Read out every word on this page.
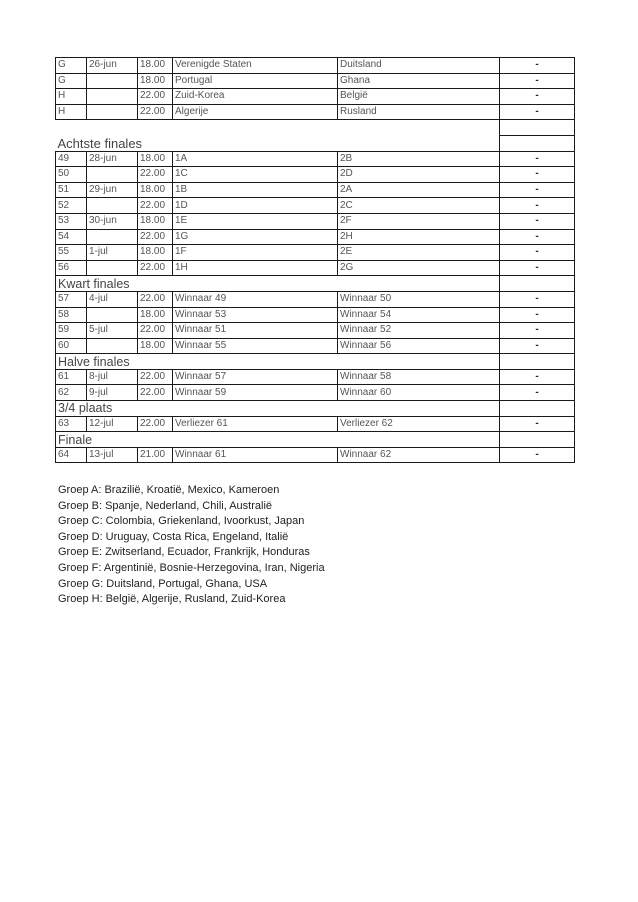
G	26-jun	18.00	Verenigde Staten	Duitsland	-
G		18.00	Portugal	Ghana	-
H		22.00	Zuid-Korea	België	-
H		22.00	Algerije	Rusland	-

Achtste finales					
49	28-jun	18.00	1A	2B	-
50		22.00	1C	2D	-
51	29-jun	18.00	1B	2A	-
52		22.00	1D	2C	-
53	30-jun	18.00	1E	2F	-
54		22.00	1G	2H	-
55	1-jul	18.00	1F	2E	-
56		22.00	1H	2G	-
Kwart finales					
57	4-jul	22.00	Winnaar 49	Winnaar 50	-
58		18.00	Winnaar 53	Winnaar 54	-
59	5-jul	22.00	Winnaar 51	Winnaar 52	-
60		18.00	Winnaar 55	Winnaar 56	-
Halve finales					
61	8-jul	22.00	Winnaar 57	Winnaar 58	-
62	9-jul	22.00	Winnaar 59	Winnaar 60	-
3/4 plaats					
63	12-jul	22.00	Verliezer 61	Verliezer 62	-
Finale					
64	13-jul	21.00	Winnaar 61	Winnaar 62	-
Groep A: Brazilië, Kroatië, Mexico, Kameroen
Groep B: Spanje, Nederland, Chili, Australië
Groep C: Colombia, Griekenland, Ivoorkust, Japan
Groep D: Uruguay, Costa Rica, Engeland, Italië
Groep E: Zwitserland, Ecuador, Frankrijk, Honduras
Groep F: Argentinië, Bosnie-Herzegovina, Iran, Nigeria
Groep G: Duitsland, Portugal, Ghana, USA
Groep H: België, Algerije, Rusland, Zuid-Korea
